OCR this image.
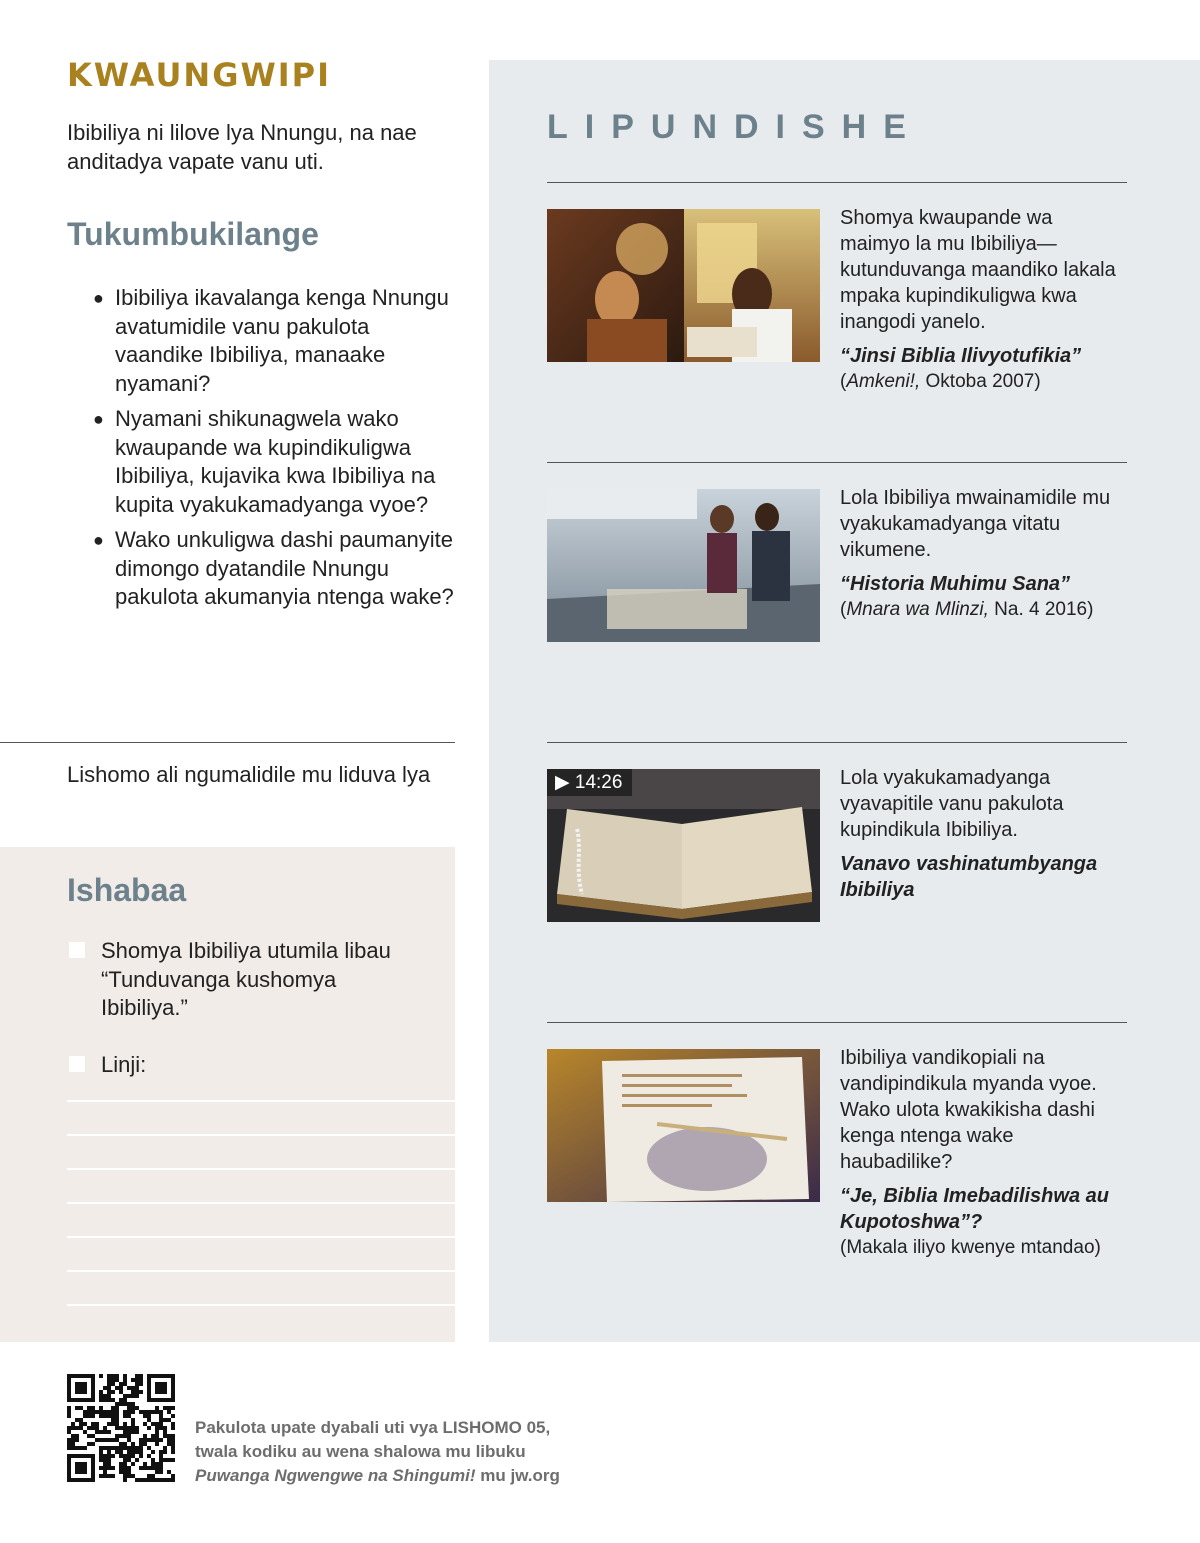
KWAUNGWIPI

Ibibiliya ni lilove lya Nnungu, na nae anditadya vapate vanu uti.

Tukumbukilange
● Ibibiliya ikavalanga kenga Nnungu avatumidile vanu pakulota vaandike Ibibiliya, manaake nyamani?
● Nyamani shikunagwela wako kwaupande wa kupindikuligwa Ibibiliya, kujavika kwa Ibibiliya na kupita vyakukamadyanga vyoe?
● Wako unkuligwa dashi paumanyite dimongo dyatandile Nnungu pakulota akumanyia ntenga wake?

Lishomo ali ngumalidile mu liduva lya

Ishabaa
Shomya Ibibiliya utumila libau “Tunduvanga kushomya Ibibiliya.”
Linji:
LIPUNDISHE

Shomya kwaupande wa maimyo la mu Ibibiliya—kutunduvanga maandiko lakala mpaka kupindikuligwa kwa inangodi yanelo.

“Jinsi Biblia Ilivyotufikia”

(Amkeni!, Oktoba 2007)

Lola Ibibiliya mwainamidile mu vyakukamadyanga vitatu vikumene.

“Historia Muhimu Sana”

(Mnara wa Mlinzi, Na. 4 2016)

▶ 14:26	Lola vyakukamadyanga vyavapitile vanu pakulota kupindikula Ibibiliya.

Vanavo vashinatumbyanga Ibibiliya

Ibibiliya vandikopiali na vandipindikula myanda vyoe. Wako ulota kwakikisha dashi kenga ntenga wake haubadilike?

“Je, Biblia Imebadilishwa au Kupotoshwa”?

(Makala iliyo kwenye mtandao)

Pakulota upate dyabali uti vya LISHOMO 05,
twala kodiku au wena shalowa mu libuku
Puwanga Ngwengwe na Shingumi! mu jw.org
